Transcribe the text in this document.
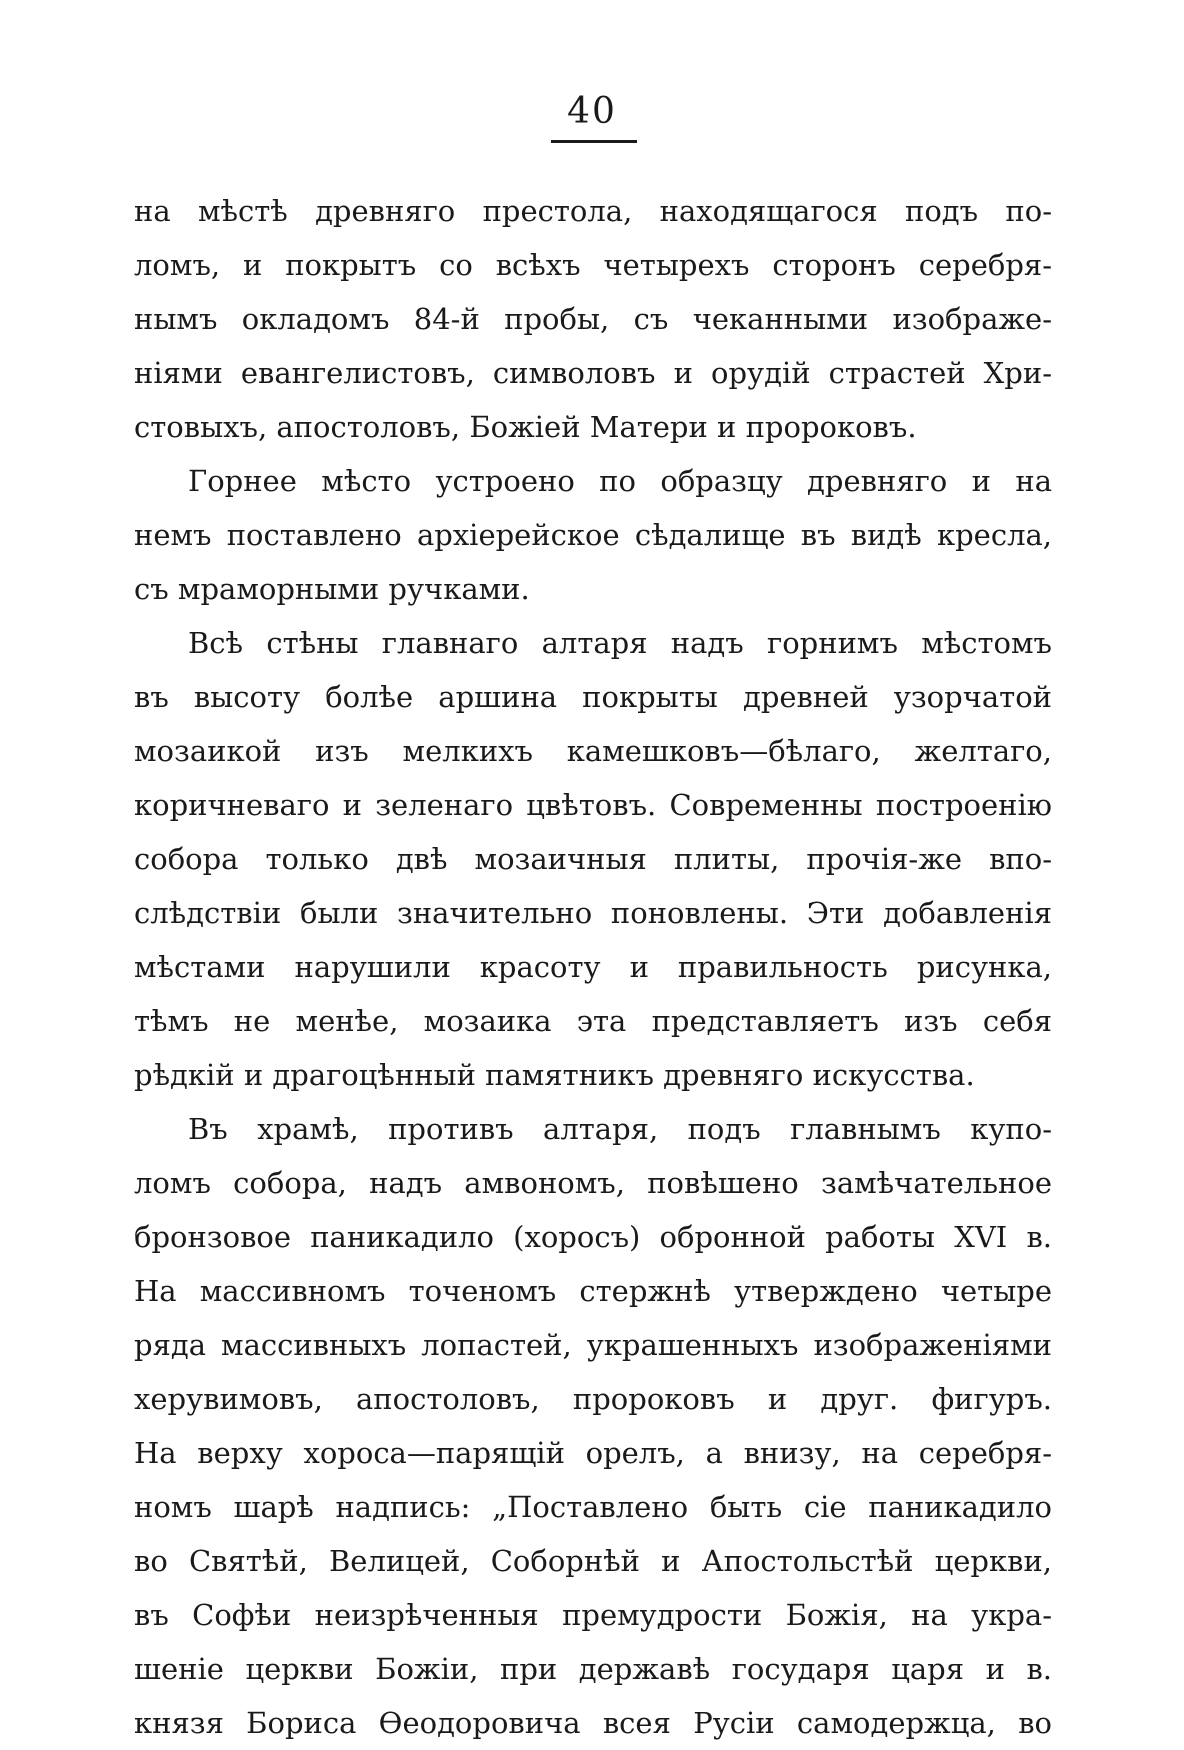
40
на мѣстѣ древняго престола, находящагося подъ по-
ломъ, и покрытъ со всѣхъ четырехъ сторонъ серебря-
нымъ окладомъ 84-й пробы, съ чеканными изображе-
ніями евангелистовъ, символовъ и орудій страстей Хри-
стовыхъ, апостоловъ, Божіей Матери и пророковъ.
Горнее мѣсто устроено по образцу древняго и на
немъ поставлено архіерейское сѣдалище въ видѣ кресла,
съ мраморными ручками.
Всѣ стѣны главнаго алтаря надъ горнимъ мѣстомъ
въ высоту болѣе аршина покрыты древней узорчатой
мозаикой изъ мелкихъ камешковъ—бѣлаго, желтаго,
коричневаго и зеленаго цвѣтовъ. Современны построенію
собора только двѣ мозаичныя плиты, прочія-же впо-
слѣдствіи были значительно поновлены. Эти добавленія
мѣстами нарушили красоту и правильность рисунка,
тѣмъ не менѣе, мозаика эта представляетъ изъ себя
рѣдкій и драгоцѣнный памятникъ древняго искусства.
Въ храмѣ, противъ алтаря, подъ главнымъ купо-
ломъ собора, надъ амвономъ, повѣшено замѣчательное
бронзовое паникадило (хоросъ) обронной работы XVI в.
На массивномъ точеномъ стержнѣ утверждено четыре
ряда массивныхъ лопастей, украшенныхъ изображеніями
херувимовъ, апостоловъ, пророковъ и друг. фигуръ.
На верху хороса—парящій орелъ, а внизу, на серебря-
номъ шарѣ надпись: „Поставлено быть сіе паникадило
во Святѣй, Велицей, Соборнѣй и Апостольстѣй церкви,
въ Софѣи неизрѣченныя премудрости Божія, на укра-
шеніе церкви Божіи, при державѣ государя царя и в.
князя Бориса Ѳеодоровича всея Русіи самодержца, во
